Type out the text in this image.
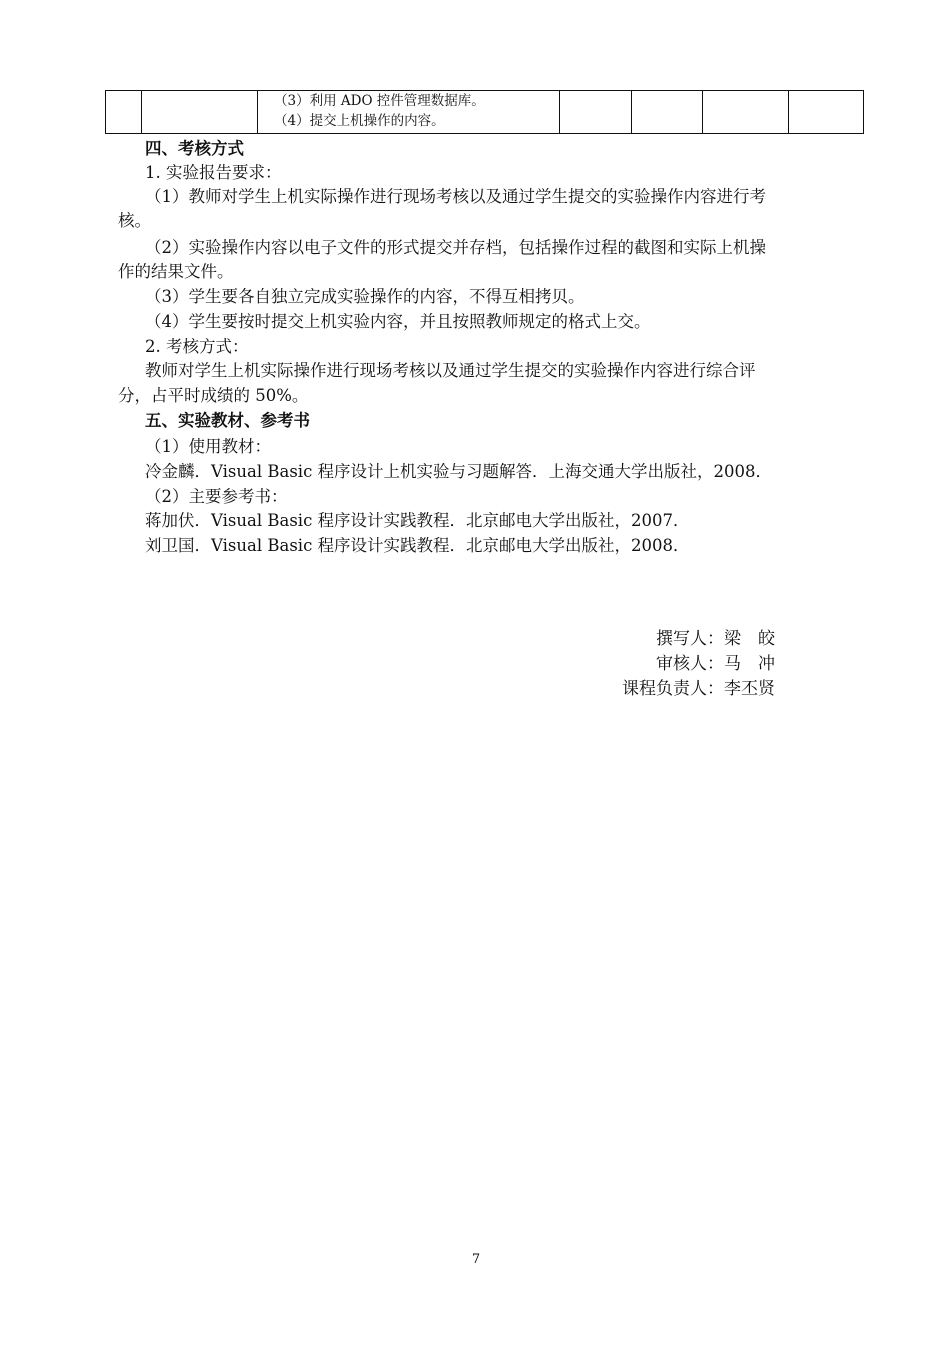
（3）利用 ADO 控件管理数据库。
（4）提交上机操作的内容。

四、考核方式
1. 实验报告要求：
（1）教师对学生上机实际操作进行现场考核以及通过学生提交的实验操作内容进行考
核。
（2）实验操作内容以电子文件的形式提交并存档，包括操作过程的截图和实际上机操
作的结果文件。
（3）学生要各自独立完成实验操作的内容，不得互相拷贝。
（4）学生要按时提交上机实验内容，并且按照教师规定的格式上交。
2. 考核方式：
教师对学生上机实际操作进行现场考核以及通过学生提交的实验操作内容进行综合评
分，占平时成绩的 50%。
五、实验教材、参考书
（1）使用教材：
冷金麟．Visual Basic 程序设计上机实验与习题解答．上海交通大学出版社，2008．
（2）主要参考书：
蒋加伏．Visual Basic 程序设计实践教程．北京邮电大学出版社，2007．
刘卫国．Visual Basic 程序设计实践教程．北京邮电大学出版社，2008．
撰写人：梁　皎
审核人：马　冲
课程负责人：李丕贤
7
